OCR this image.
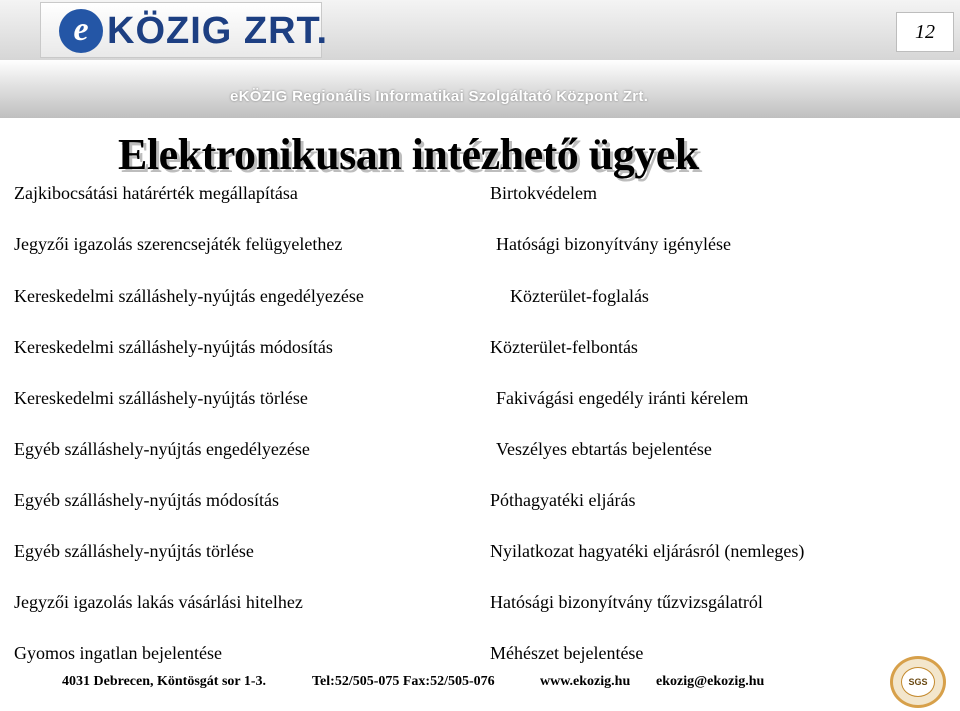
e KÖZIG ZRT.	12
eKÖZIG Regionális Informatikai Szolgáltató Központ Zrt.
Elektronikusan intézhető ügyek
Zajkibocsátási határérték megállapítása
Jegyzői igazolás szerencsejáték felügyelethez
Kereskedelmi szálláshely-nyújtás engedélyezése
Kereskedelmi szálláshely-nyújtás módosítás
Kereskedelmi szálláshely-nyújtás törlése
Egyéb szálláshely-nyújtás engedélyezése
Egyéb szálláshely-nyújtás módosítás
Egyéb szálláshely-nyújtás törlése
Jegyzői igazolás lakás vásárlási hitelhez
Gyomos ingatlan bejelentése
Birtokvédelem
Hatósági bizonyítvány igénylése
Közterület-foglalás
Közterület-felbontás
Fakivágási engedély iránti kérelem
Veszélyes ebtartás bejelentése
Póthagyatéki eljárás
Nyilatkozat hagyatéki eljárásról (nemleges)
Hatósági bizonyítvány tűzvizsgálatról
Méhészet bejelentése
4031 Debrecen, Köntösgát sor 1-3.	Tel:52/505-075 Fax:52/505-076	www.ekozig.hu ekozig@ekozig.hu	SGS
